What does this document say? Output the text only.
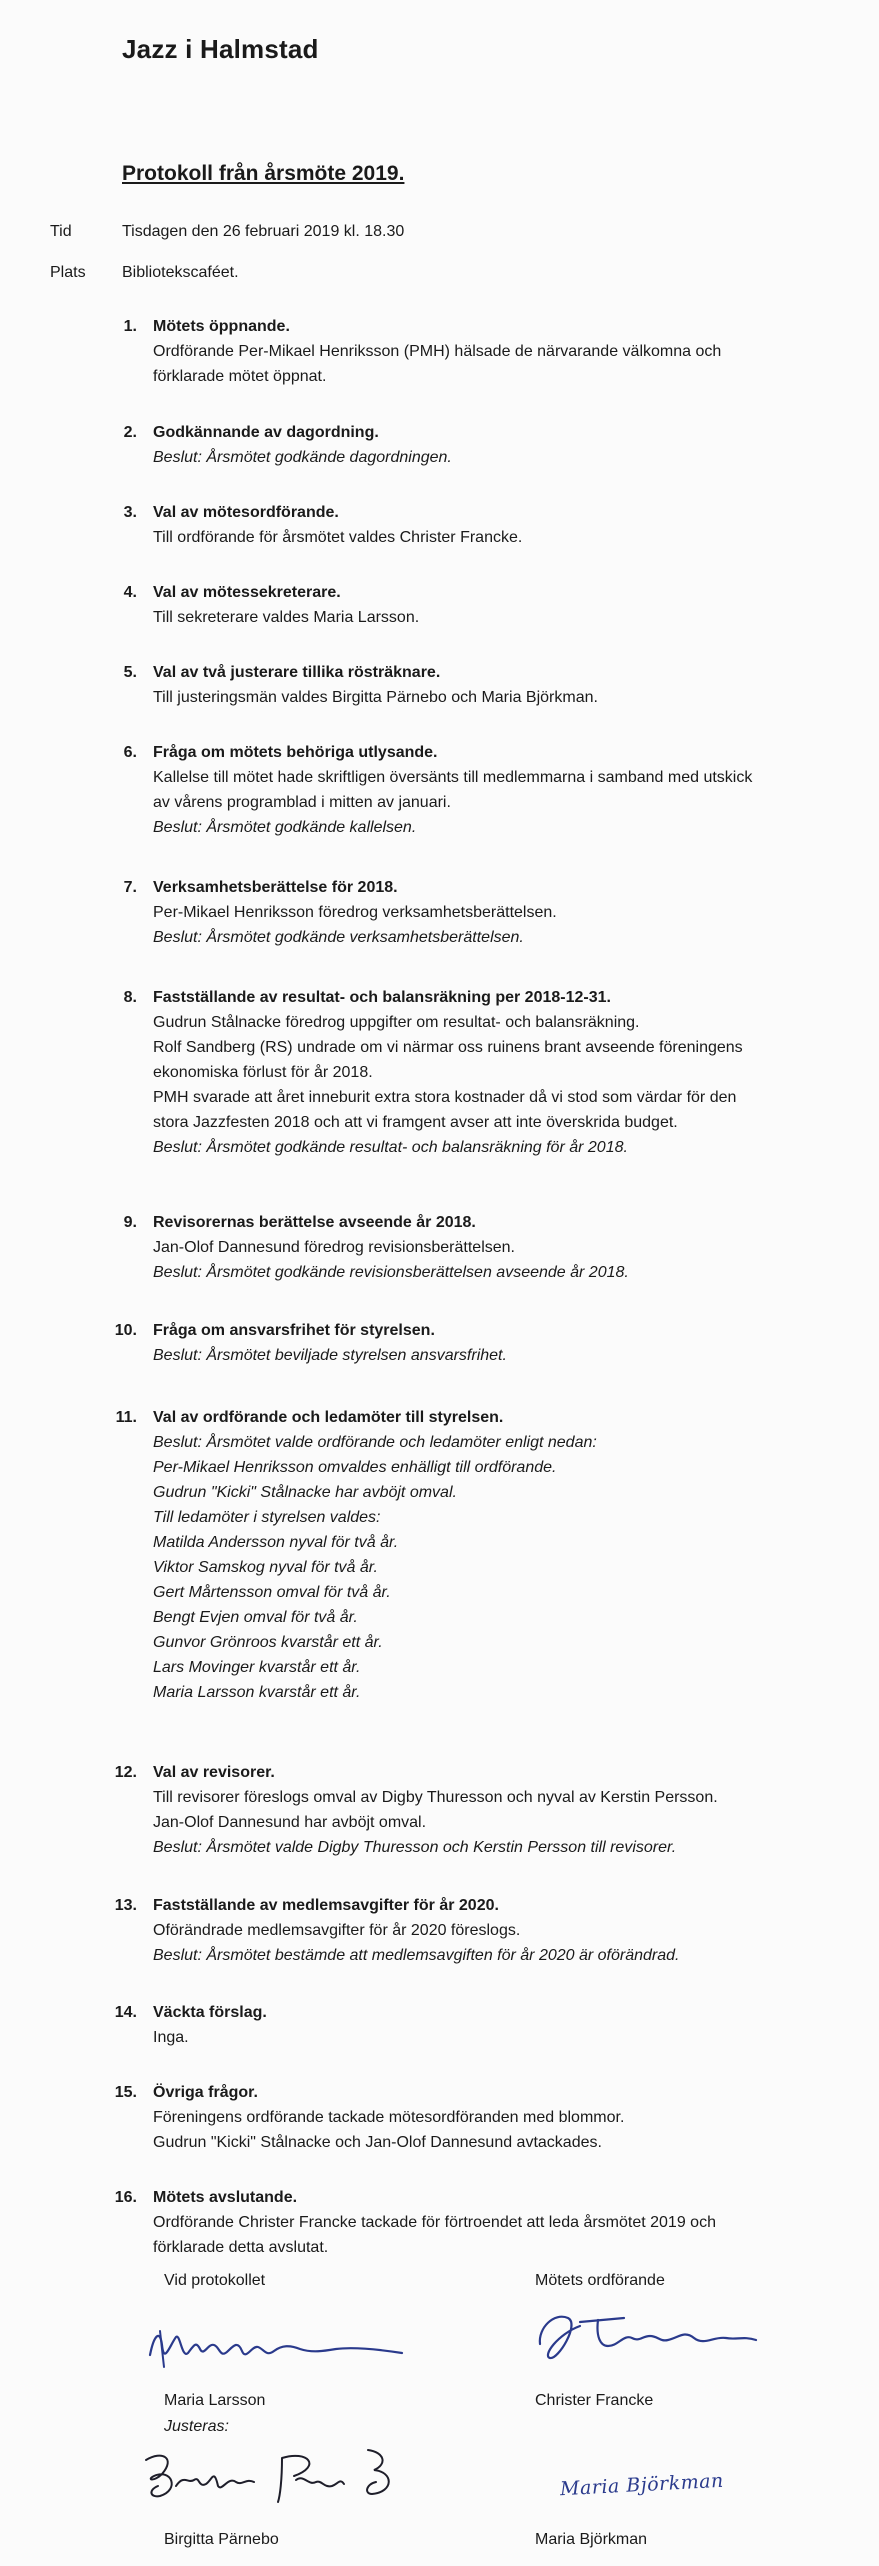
Jazz i Halmstad
Protokoll från årsmöte 2019.
Tid	Tisdagen den 26 februari 2019 kl. 18.30
Plats Bibliotekscaféet.
1. Mötets öppnande.
Ordförande Per-Mikael Henriksson (PMH) hälsade de närvarande välkomna och
förklarade mötet öppnat.
2. Godkännande av dagordning.
Beslut: Årsmötet godkände dagordningen.
3. Val av mötesordförande.
Till ordförande för årsmötet valdes Christer Francke.
4. Val av mötessekreterare.
Till sekreterare valdes Maria Larsson.
5. Val av två justerare tillika rösträknare.
Till justeringsmän valdes Birgitta Pärnebo och Maria Björkman.
6. Fråga om mötets behöriga utlysande.
Kallelse till mötet hade skriftligen översänts till medlemmarna i samband med utskick
av vårens programblad i mitten av januari.
Beslut: Årsmötet godkände kallelsen.
7. Verksamhetsberättelse för 2018.
Per-Mikael Henriksson föredrog verksamhetsberättelsen.
Beslut: Årsmötet godkände verksamhetsberättelsen.
8. Fastställande av resultat- och balansräkning per 2018-12-31.
Gudrun Stålnacke föredrog uppgifter om resultat- och balansräkning.
Rolf Sandberg (RS) undrade om vi närmar oss ruinens brant avseende föreningens
ekonomiska förlust för år 2018.
PMH svarade att året inneburit extra stora kostnader då vi stod som värdar för den
stora Jazzfesten 2018 och att vi framgent avser att inte överskrida budget.
Beslut: Årsmötet godkände resultat- och balansräkning för år 2018.
9. Revisorernas berättelse avseende år 2018.
Jan-Olof Dannesund föredrog revisionsberättelsen.
Beslut: Årsmötet godkände revisionsberättelsen avseende år 2018.
10. Fråga om ansvarsfrihet för styrelsen.
Beslut: Årsmötet beviljade styrelsen ansvarsfrihet.
11. Val av ordförande och ledamöter till styrelsen.
Beslut: Årsmötet valde ordförande och ledamöter enligt nedan:
Per-Mikael Henriksson omvaldes enhälligt till ordförande.
Gudrun "Kicki" Stålnacke har avböjt omval.
Till ledamöter i styrelsen valdes:
Matilda Andersson nyval för två år.
Viktor Samskog nyval för två år.
Gert Mårtensson omval för två år.
Bengt Evjen omval för två år.
Gunvor Grönroos kvarstår ett år.
Lars Movinger kvarstår ett år.
Maria Larsson kvarstår ett år.
12. Val av revisorer.
Till revisorer föreslogs omval av Digby Thuresson och nyval av Kerstin Persson.
Jan-Olof Dannesund har avböjt omval.
Beslut: Årsmötet valde Digby Thuresson och Kerstin Persson till revisorer.
13. Fastställande av medlemsavgifter för år 2020.
Oförändrade medlemsavgifter för år 2020 föreslogs.
Beslut: Årsmötet bestämde att medlemsavgiften för år 2020 är oförändrad.
14. Väckta förslag.
Inga.
15. Övriga frågor.
Föreningens ordförande tackade mötesordföranden med blommor.
Gudrun "Kicki" Stålnacke och Jan-Olof Dannesund avtackades.
16. Mötets avslutande.
Ordförande Christer Francke tackade för förtroendet att leda årsmötet 2019 och
förklarade detta avslutat.
Vid protokollet	Mötets ordförande
Maria Larsson	Christer Francke
Justeras:
Maria Björkman
Birgitta Pärnebo	Maria Björkman
